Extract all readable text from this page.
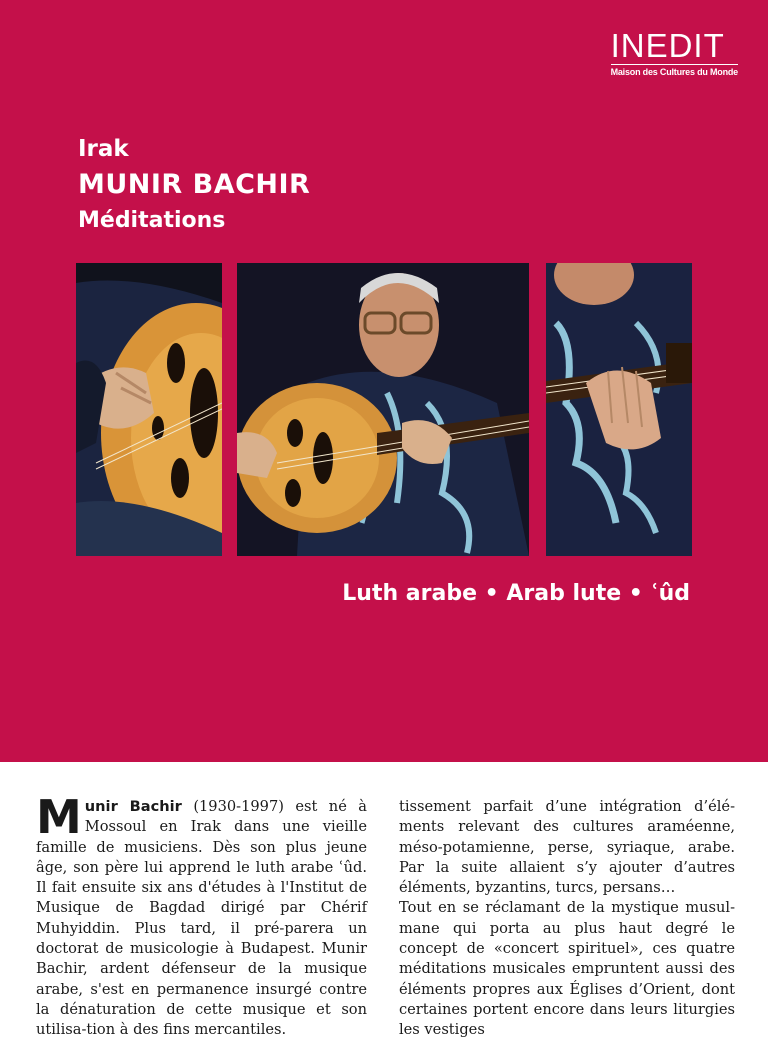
INEDIT
Maison des Cultures du Monde
Irak
MUNIR BACHIR
Méditations
Luth arabe • Arab lute • ʿûd

Munir Bachir (1930-1997) est né à Mossoul en Irak dans une vieille famille de musiciens. Dès son plus jeune âge, son père lui apprend le luth arabe ʿûd. Il fait ensuite six ans d'études à l'Institut de Musique de Bagdad dirigé par Chérif Muhyiddin. Plus tard, il pré-parera un doctorat de musicologie à Budapest. Munir Bachir, ardent défenseur de la musique arabe, s'est en permanence insurgé contre la dénaturation de cette musique et son utilisa-tion à des fins mercantiles.

tissement parfait d’une intégration d’élé-ments relevant des cultures araméenne, méso-potamienne, perse, syriaque, arabe. Par la suite allaient s’y ajouter d’autres éléments, byzantins, turcs, persans…

Tout en se réclamant de la mystique musul-mane qui porta au plus haut degré le concept de «concert spirituel», ces quatre méditations musicales empruntent aussi des éléments propres aux Églises d’Orient, dont certaines portent encore dans leurs liturgies les vestiges
